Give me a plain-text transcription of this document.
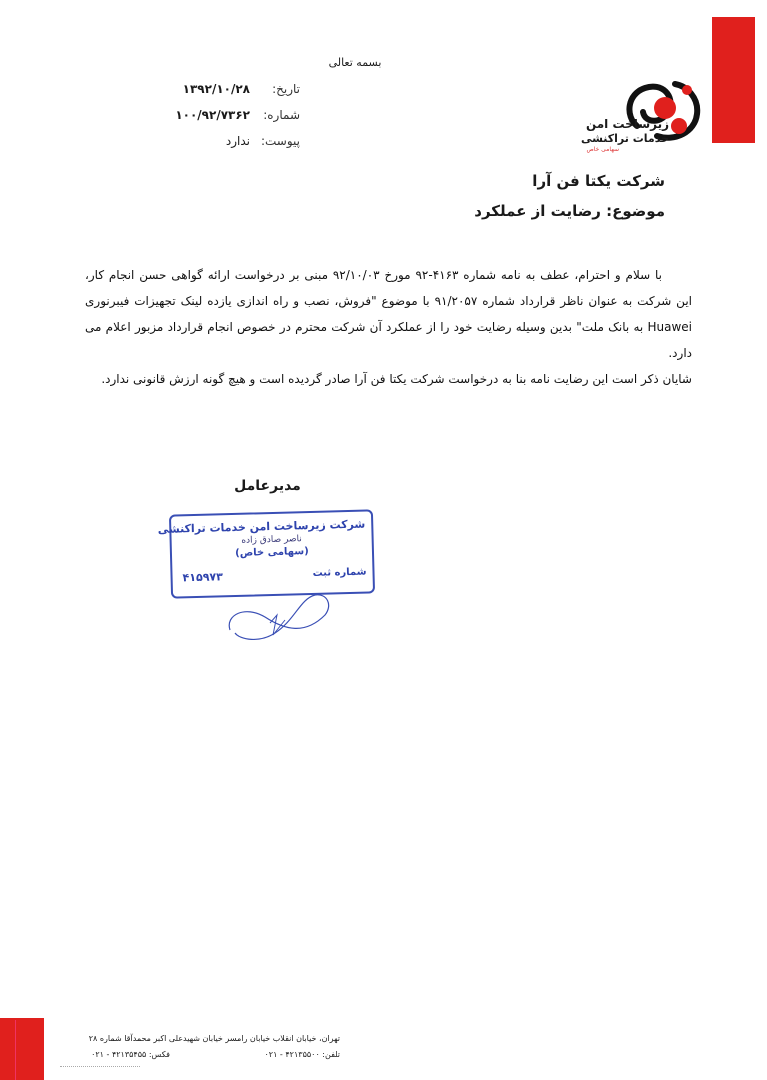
زیرساخت امن
خدمات تراکنشی
سهامی خاص
بسمه تعالی
تاریخ:
۱۳۹۲/۱۰/۲۸
شماره:
۱۰۰/۹۲/۷۳۶۲
پیوست:
ندارد
شرکت یکتا فن آرا
موضوع: رضایت از عملکرد

با سلام و احترام، عطف به نامه شماره ۴۱۶۳-۹۲ مورخ ۹۲/۱۰/۰۳ مبنی بر درخواست ارائه گواهی حسن انجام کار، این شرکت به عنوان ناظر قرارداد شماره ۹۱/۲۰۵۷ با موضوع "فروش، نصب و راه اندازی یازده لینک تجهیزات فیبرنوری Huawei به بانک ملت" بدین وسیله رضایت خود را از عملکرد آن شرکت محترم در خصوص انجام قرارداد مزبور اعلام می دارد.

شایان ذکر است این رضایت نامه بنا به درخواست شرکت یکتا فن آرا صادر گردیده است و هیچ گونه ارزش قانونی ندارد.

مدیرعامل
شرکت زیرساخت امن خدمات تراکنشی
ناصر صادق زاده
(سهامی خاص)
شماره ثبت
۴۱۵۹۷۳
تهران، خیابان انقلاب خیابان رامسر خیابان شهیدعلی اکبر محمدآقا شماره ۲۸
تلفن: ۴۲۱۳۵۵۰۰ - ۰۲۱
فکس: ۴۲۱۳۵۴۵۵ - ۰۲۱
